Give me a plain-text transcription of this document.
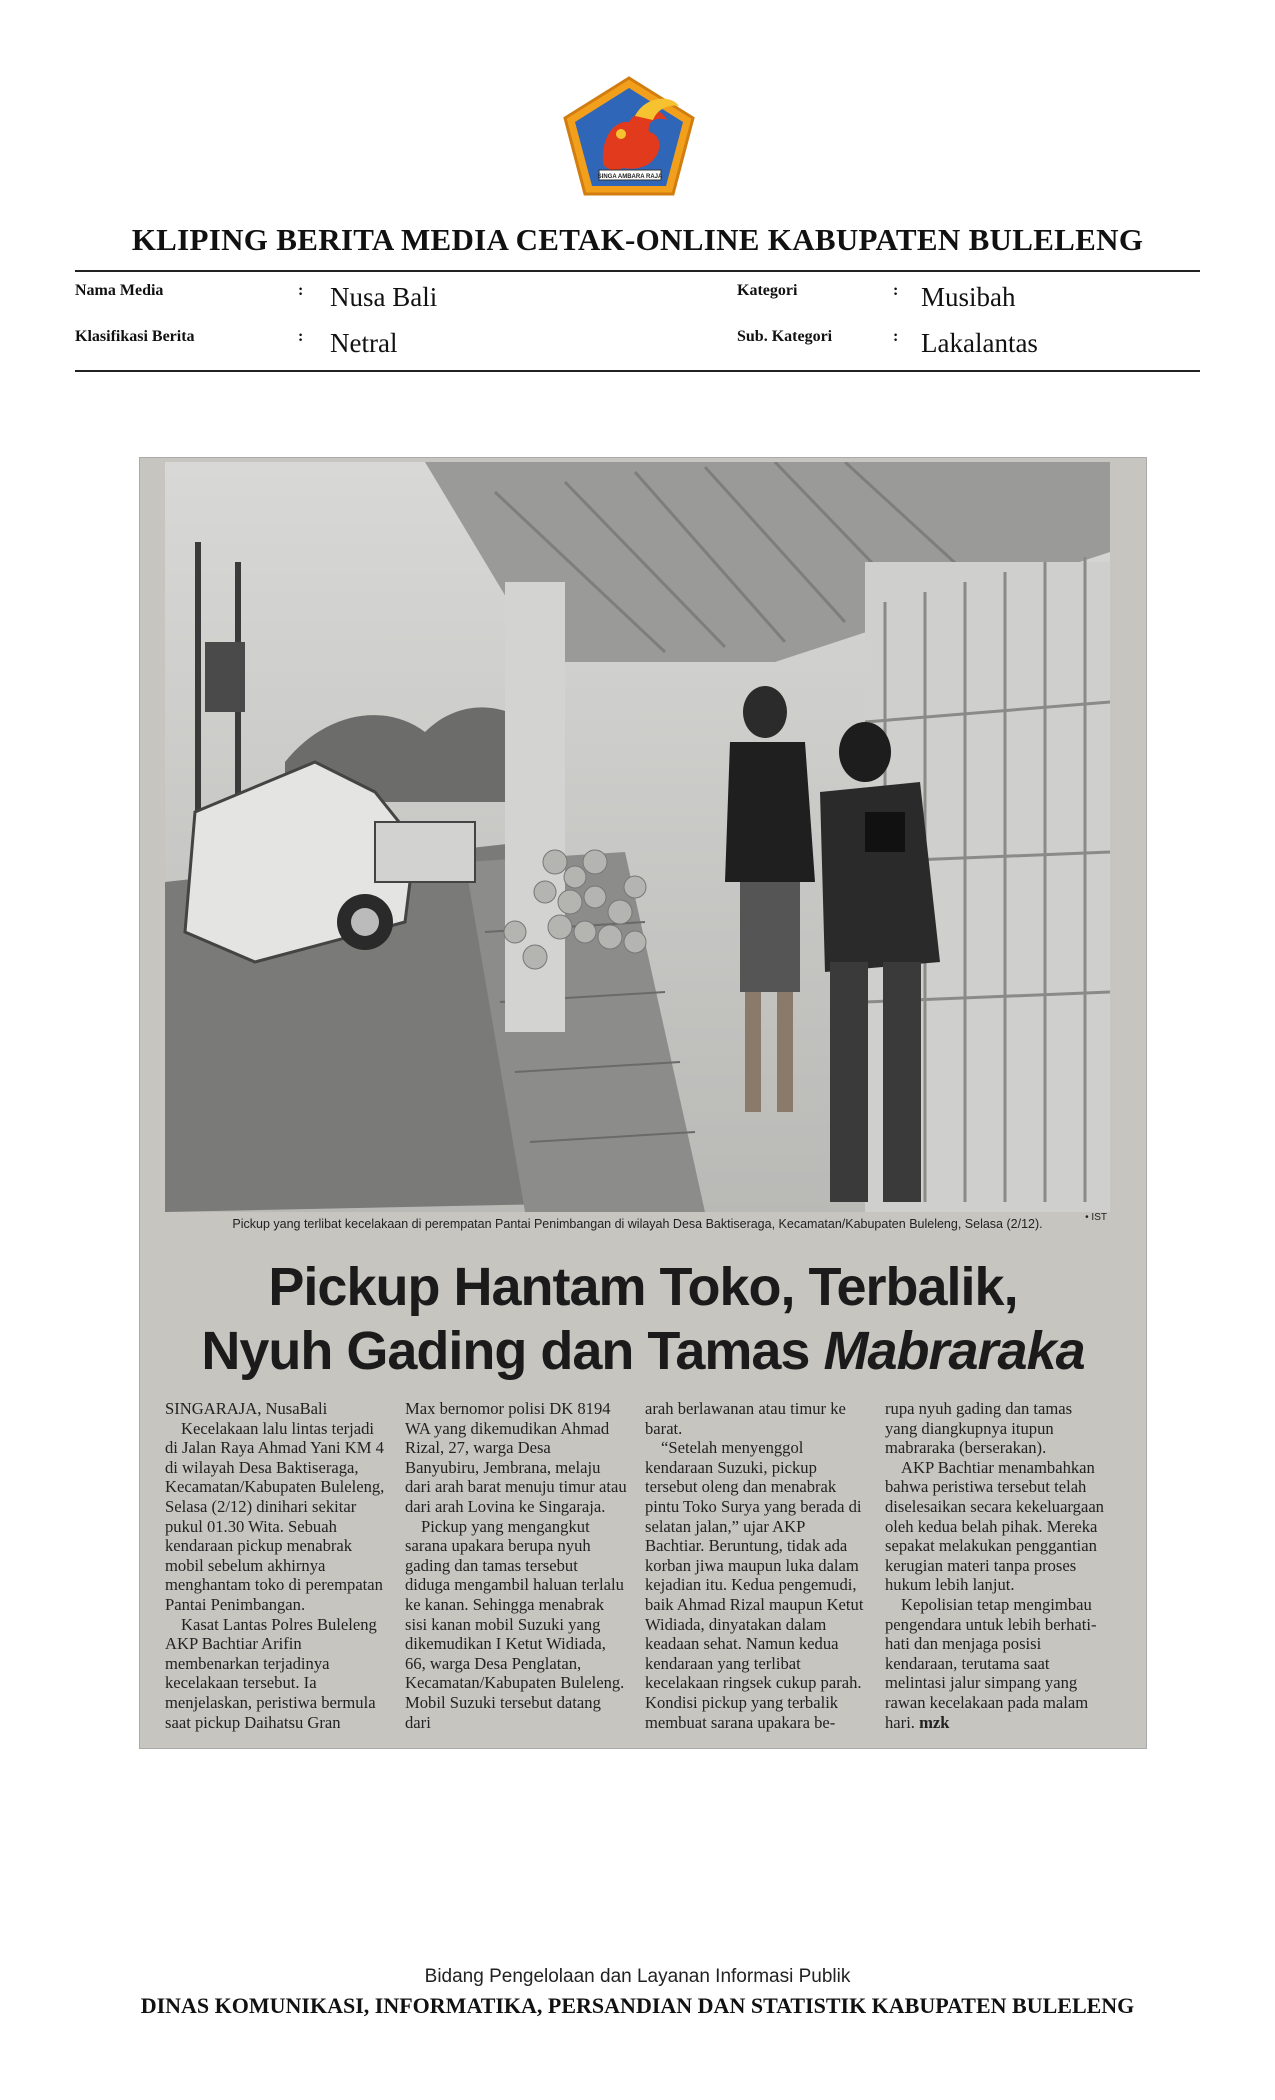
SINGA AMBARA RAJA
KLIPING BERITA MEDIA CETAK-ONLINE KABUPATEN BULELENG
Nama Media	: Nusa Bali	Kategori	: Musibah
Klasifikasi Berita	: Netral	Sub. Kategori	: Lakalantas
• IST
Pickup yang terlibat kecelakaan di perempatan Pantai Penimbangan di wilayah Desa Baktiseraga, Kecamatan/Kabupaten Buleleng, Selasa (2/12).
Pickup Hantam Toko, Terbalik,
Nyuh Gading dan Tamas Mabraraka

SINGARAJA, NusaBali

Kecelakaan lalu lintas terjadi di Jalan Raya Ahmad Yani KM 4 di wilayah Desa Baktiseraga, Kecamatan/Kabupaten Buleleng, Selasa (2/12) dinihari sekitar pukul 01.30 Wita. Sebuah kendaraan pickup menabrak mobil sebelum akhirnya menghantam toko di perempatan Pantai Penimbangan.

Kasat Lantas Polres Buleleng AKP Bachtiar Arifin membenarkan terjadinya kecelakaan tersebut. Ia menjelaskan, peristiwa bermula saat pickup Daihatsu Gran

Max bernomor polisi DK 8194 WA yang dikemudikan Ahmad Rizal, 27, warga Desa Banyubiru, Jembrana, melaju dari arah barat menuju timur atau dari arah Lovina ke Singaraja.

Pickup yang mengangkut sarana upakara berupa nyuh gading dan tamas tersebut diduga mengambil haluan terlalu ke kanan. Sehingga menabrak sisi kanan mobil Suzuki yang dikemudikan I Ketut Widiada, 66, warga Desa Penglatan, Kecamatan/Kabupaten Buleleng. Mobil Suzuki tersebut datang dari

arah berlawanan atau timur ke barat.

“Setelah menyenggol kendaraan Suzuki, pickup tersebut oleng dan menabrak pintu Toko Surya yang berada di selatan jalan,” ujar AKP Bachtiar. Beruntung, tidak ada korban jiwa maupun luka dalam kejadian itu. Kedua pengemudi, baik Ahmad Rizal maupun Ketut Widiada, dinyatakan dalam keadaan sehat. Namun kedua kendaraan yang terlibat kecelakaan ringsek cukup parah. Kondisi pickup yang terbalik membuat sarana upakara be-

rupa nyuh gading dan tamas yang diangkupnya itupun mabraraka (berserakan).

AKP Bachtiar menambahkan bahwa peristiwa tersebut telah diselesaikan secara kekeluargaan oleh kedua belah pihak. Mereka sepakat melakukan penggantian kerugian materi tanpa proses hukum lebih lanjut.

Kepolisian tetap mengimbau pengendara untuk lebih berhati-hati dan menjaga posisi kendaraan, terutama saat melintasi jalur simpang yang rawan kecelakaan pada malam hari. mzk

Bidang Pengelolaan dan Layanan Informasi Publik
DINAS KOMUNIKASI, INFORMATIKA, PERSANDIAN DAN STATISTIK KABUPATEN BULELENG
